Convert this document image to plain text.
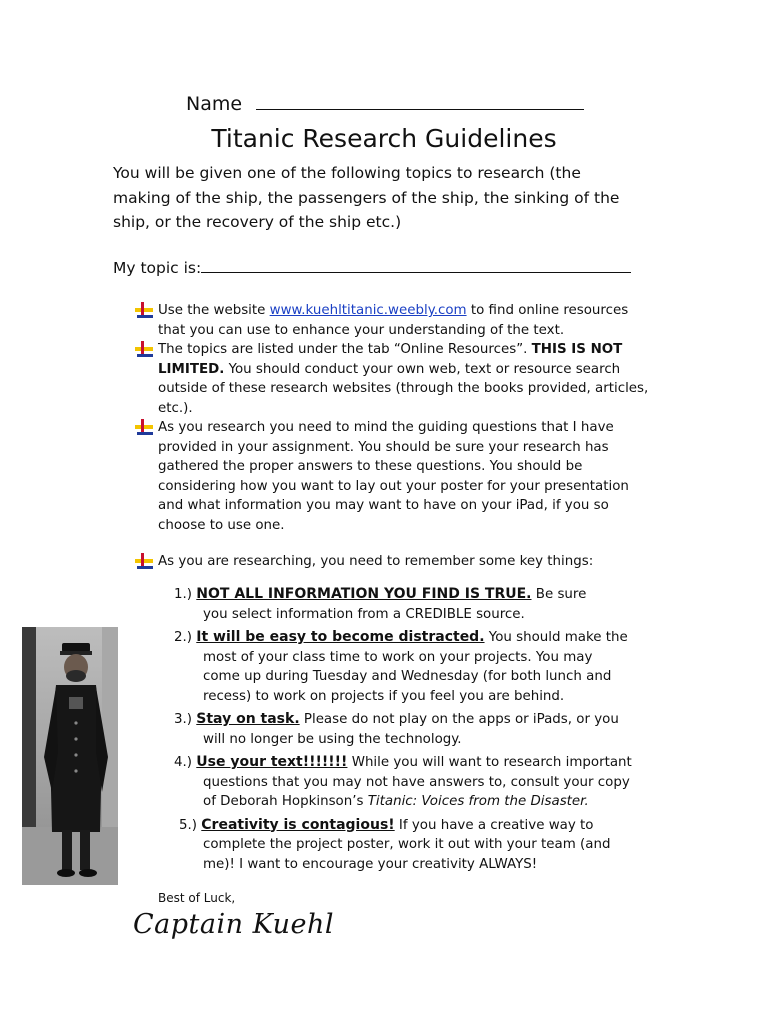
Name
Titanic Research Guidelines
You will be given one of the following topics to research (the making of the ship, the passengers of the ship, the sinking of the ship, or the recovery of the ship etc.)
My topic is:
Use the website www.kuehltitanic.weebly.com to find online resources that you can use to enhance your understanding of the text.
The topics are listed under the tab “Online Resources”. THIS IS NOT LIMITED. You should conduct your own web, text or resource search outside of these research websites (through the books provided, articles, etc.).
As you research you need to mind the guiding questions that I have provided in your assignment. You should be sure your research has gathered the proper answers to these questions. You should be considering how you want to lay out your poster for your presentation and what information you may want to have on your iPad, if you so choose to use one.
As you are researching, you need to remember some key things:
1.) NOT ALL INFORMATION YOU FIND IS TRUE. Be sure
you select information from a CREDIBLE source.
2.) It will be easy to become distracted. You should make the
most of your class time to work on your projects. You may come up during Tuesday and Wednesday (for both lunch and recess) to work on projects if you feel you are behind.
3.) Stay on task. Please do not play on the apps or iPads, or you
will no longer be using the technology.
4.) Use your text!!!!!!! While you will want to research important
questions that you may not have answers to, consult your copy of Deborah Hopkinson’s Titanic: Voices from the Disaster.
5.) Creativity is contagious! If you have a creative way to
complete the project poster, work it out with your team (and me)! I want to encourage your creativity ALWAYS!
Best of Luck,
Captain Kuehl
